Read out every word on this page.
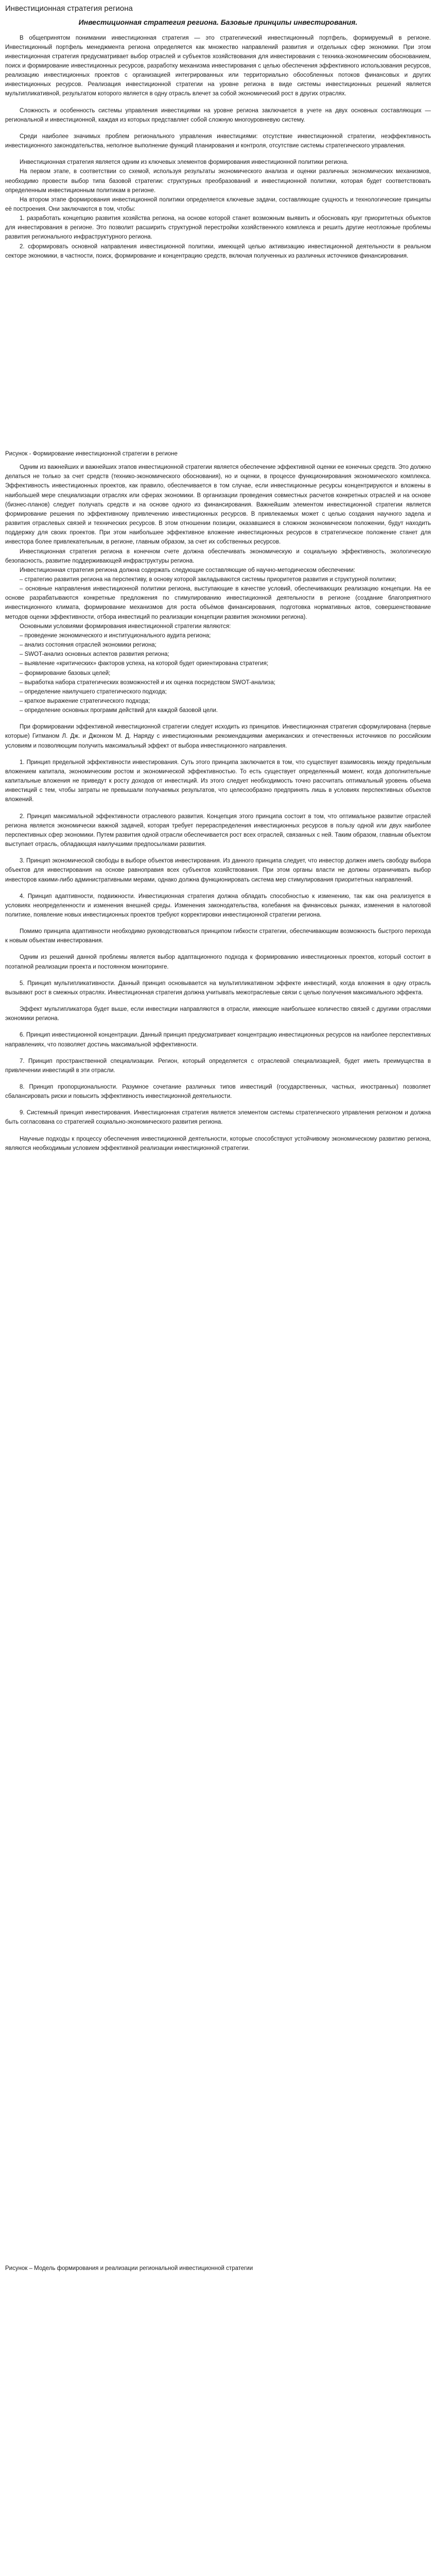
Инвестиционная стратегия региона
Инвестиционная стратегия региона. Базовые принципы инвестирования.

В общепринятом понимании инвестиционная стратегия — это стратегический инвестиционный портфель, формируемый в регионе. Инвестиционный портфель менеджмента региона определяется как множество направлений развития и отдельных сфер экономики. При этом инвестиционная стратегия предусматривает выбор отраслей и субъектов хозяйствования для инвестирования с техника-экономическим обоснованием, поиск и формирование инвестиционных ресурсов, разработку механизма инвестирования с целью обеспечения эффективного использования ресурсов, реализацию инвестиционных проектов с организацией интегрированных или территориально обособленных потоков финансовых и других инвестиционных ресурсов. Реализация инвестиционной стратегии на уровне региона в виде системы инвестиционных решений является мультипликативной, результатом которого является в одну отрасль влечет за собой экономический рост в других отраслях.

Сложность и особенность системы управления инвестициями на уровне региона заключается в учете на двух основных составляющих — региональной и инвестиционной, каждая из которых представляет собой сложную многоуровневую систему.

Среди наиболее значимых проблем регионального управления инвестициями: отсутствие инвестиционной стратегии, неэффективность инвестиционного законодательства, неполное выполнение функций планирования и контроля, отсутствие системы стратегического управления.

Инвестиционная стратегия является одним из ключевых элементов формирования инвестиционной политики региона.

На первом этапе, в соответствии со схемой, используя результаты экономического анализа и оценки различных экономических механизмов, необходимо провести выбор типа базовой стратегии: структурных преобразований и инвестиционной политики, которая будет соответствовать определенным инвестиционным политикам в регионе.

На втором этапе формирования инвестиционной политики определяется ключевые задачи, составляющие сущность и технологические принципы её построения. Они заключаются в том, чтобы:

1. разработать концепцию развития хозяйства региона, на основе которой станет возможным выявить и обосновать круг приоритетных объектов для инвестирования в регионе. Это позволит расширить структурной перестройки хозяйственного комплекса и решить другие неотложные проблемы развития регионального инфраструктурного региона.

2. сформировать основной направления инвестиционной политики, имеющей целью активизацию инвестиционной деятельности в реальном секторе экономики, в частности, поиск, формирование и концентрацию средств, включая полученных из различных источников финансирования.

Рисунок - Формирование инвестиционной стратегии в регионе

Одним из важнейших и важнейших этапов инвестиционной стратегии является обеспечение эффективной оценки ее конечных средств. Это должно делаться не только за счет средств (технико-экономического обоснования), но и оценки, в процессе функционирования экономического комплекса. Эффективность инвестиционных проектов, как правило, обеспечивается в том случае, если инвестиционные ресурсы концентрируются и вложены в наибольшей мере специализации отраслях или сферах экономики. В организации проведения совместных расчетов конкретных отраслей и на основе (бизнес-планов) следует получать средств и на основе одного из финансирования. Важнейшим элементом инвестиционной стратегии является формирование решения по эффективному привлечению инвестиционных ресурсов. В привлекаемых может с целью создания научного задела и развития отраслевых связей и технических ресурсов. В этом отношении позиции, оказавшиеся в сложном экономическом положении, будут находить поддержку для своих проектов. При этом наибольшее эффективное вложение инвестиционных ресурсов в стратегическое положение станет для инвестора более привлекательным, в регионе, главным образом, за счет их собственных ресурсов.

Инвестиционная стратегия региона в конечном счете должна обеспечивать экономическую и социальную эффективность, экологическую безопасность, развитие поддерживающей инфраструктуры региона.

Инвестиционная стратегия региона должна содержать следующие составляющие об научно-методическом обеспечении:

– стратегию развития региона на перспективу, в основу которой закладываются системы приоритетов развития и структурной политики;

– основные направления инвестиционной политики региона, выступающие в качестве условий, обеспечивающих реализацию концепции. На ее основе разрабатываются конкретные предложения по стимулированию инвестиционной деятельности в регионе (создание благоприятного инвестиционного климата, формирование механизмов для роста объёмов финансирования, подготовка нормативных актов, совершенствование методов оценки эффективности, отбора инвестиций по реализации концепции развития экономики региона).

Основными условиями формирования инвестиционной стратегии являются:

– проведение экономического и институционального аудита региона;

– анализ состояния отраслей экономики региона;

– SWOT-анализ основных аспектов развития региона;

– выявление «критических» факторов успеха, на которой будет ориентирована стратегия;

– формирование базовых целей;

– выработка набора стратегических возможностей и их оценка посредством SWOT-анализа;

– определение наилучшего стратегического подхода;

– краткое выражение стратегического подхода;

– определение основных программ действий для каждой базовой цели.

При формировании эффективной инвестиционной стратегии следует исходить из принципов. Инвестиционная стратегия сформулирована (первые которые) Гитманом Л. Дж. и Джонком М. Д. Наряду с инвестиционными рекомендациями американских и отечественных источников по российским условиям и позволяющим получить максимальный эффект от выбора инвестиционного направления.

1. Принцип предельной эффективности инвестирования. Суть этого принципа заключается в том, что существует взаимосвязь между предельным вложением капитала, экономическим ростом и экономической эффективностью. То есть существует определенный момент, когда дополнительные капитальные вложения не приведут к росту доходов от инвестиций. Из этого следует необходимость точно рассчитать оптимальный уровень объема инвестиций с тем, чтобы затраты не превышали получаемых результатов, что целесообразно предпринять лишь в условиях перспективных объектов вложений.

2. Принцип максимальной эффективности отраслевого развития. Концепция этого принципа состоит в том, что оптимальное развитие отраслей региона является экономически важной задачей, которая требует перераспределения инвестиционных ресурсов в пользу одной или двух наиболее перспективных сфер экономики. Путем развития одной отрасли обеспечивается рост всех отраслей, связанных с ней. Таким образом, главным объектом выступает отрасль, обладающая наилучшими предпосылками развития.

3. Принцип экономической свободы в выборе объектов инвестирования. Из данного принципа следует, что инвестор должен иметь свободу выбора объектов для инвестирования на основе равноправия всех субъектов хозяйствования. При этом органы власти не должны ограничивать выбор инвесторов какими-либо административными мерами, однако должна функционировать система мер стимулирования приоритетных направлений.

4. Принцип адаптивности, подвижности. Инвестиционная стратегия должна обладать способностью к изменению, так как она реализуется в условиях неопределенности и изменения внешней среды. Изменения законодательства, колебания на финансовых рынках, изменения в налоговой политике, появление новых инвестиционных проектов требуют корректировки инвестиционной стратегии региона.

Помимо принципа адаптивности необходимо руководствоваться принципом гибкости стратегии, обеспечивающим возможность быстрого перехода к новым объектам инвестирования.

Одним из решений данной проблемы является выбор адаптационного подхода к формированию инвестиционных проектов, который состоит в поэтапной реализации проекта и постоянном мониторинге.

5. Принцип мультипликативности. Данный принцип основывается на мультипликативном эффекте инвестиций, когда вложения в одну отрасль вызывают рост в смежных отраслях. Инвестиционная стратегия должна учитывать межотраслевые связи с целью получения максимального эффекта.

Эффект мультипликатора будет выше, если инвестиции направляются в отрасли, имеющие наибольшее количество связей с другими отраслями экономики региона.

6. Принцип инвестиционной концентрации. Данный принцип предусматривает концентрацию инвестиционных ресурсов на наиболее перспективных направлениях, что позволяет достичь максимальной эффективности.

7. Принцип пространственной специализации. Регион, который определяется с отраслевой специализацией, будет иметь преимущества в привлечении инвестиций в эти отрасли.

8. Принцип пропорциональности. Разумное сочетание различных типов инвестиций (государственных, частных, иностранных) позволяет сбалансировать риски и повысить эффективность инвестиционной деятельности.

9. Системный принцип инвестирования. Инвестиционная стратегия является элементом системы стратегического управления регионом и должна быть согласована со стратегией социально-экономического развития региона.

Научные подходы к процессу обеспечения инвестиционной деятельности, которые способствуют устойчивому экономическому развитию региона, являются необходимым условием эффективной реализации инвестиционной стратегии.

Рисунок – Модель формирования и реализации региональной инвестиционной стратегии
